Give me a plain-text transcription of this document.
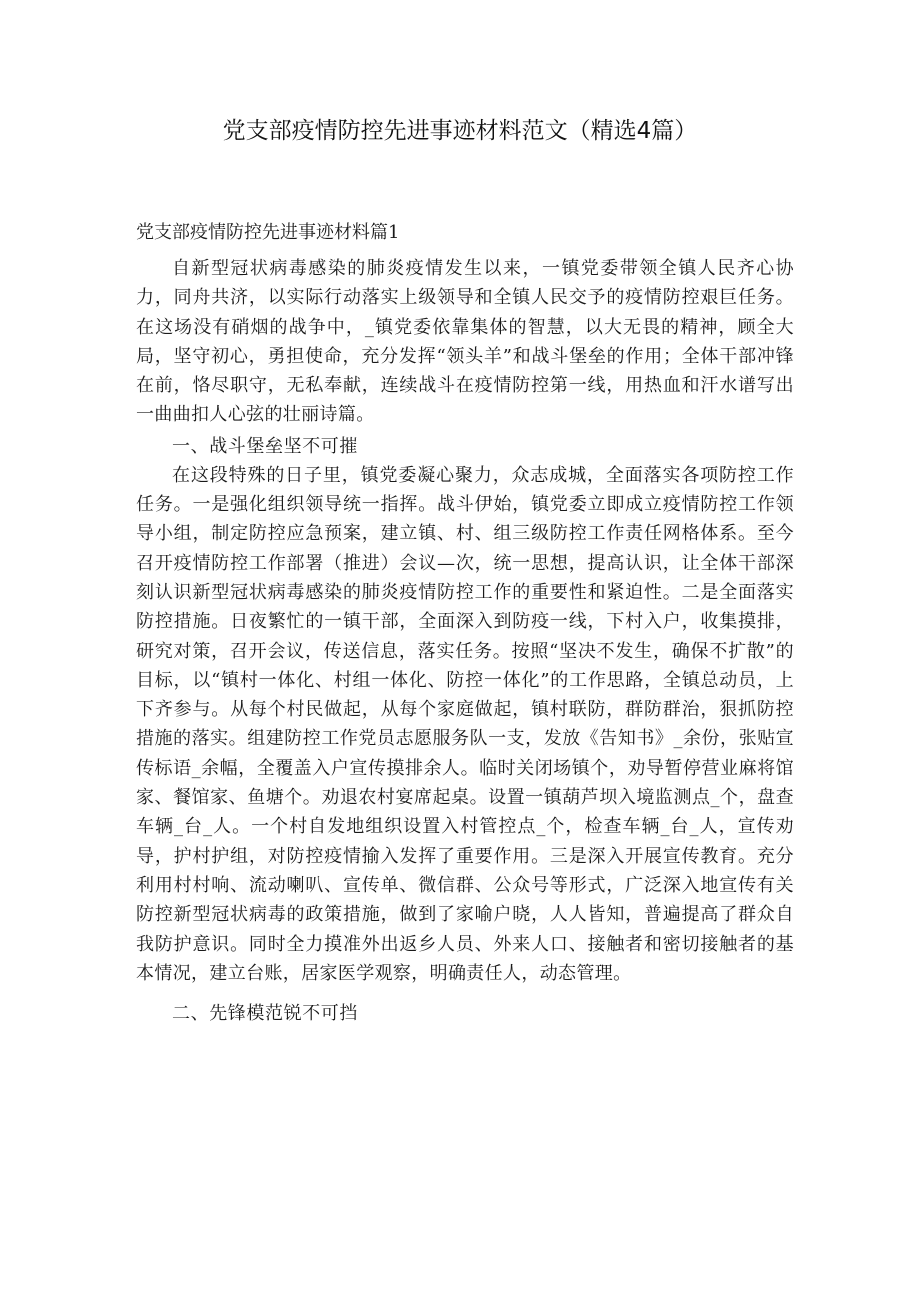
党支部疫情防控先进事迹材料范文（精选4篇）

党支部疫情防控先进事迹材料篇1

自新型冠状病毒感染的肺炎疫情发生以来，一镇党委带领全镇人民齐心协力，同舟共济，以实际行动落实上级领导和全镇人民交予的疫情防控艰巨任务。在这场没有硝烟的战争中，_镇党委依靠集体的智慧，以大无畏的精神，顾全大局，坚守初心，勇担使命，充分发挥“领头羊”和战斗堡垒的作用；全体干部冲锋在前，恪尽职守，无私奉献，连续战斗在疫情防控第一线，用热血和汗水谱写出一曲曲扣人心弦的壮丽诗篇。

一、战斗堡垒坚不可摧

在这段特殊的日子里，镇党委凝心聚力，众志成城，全面落实各项防控工作任务。一是强化组织领导统一指挥。战斗伊始，镇党委立即成立疫情防控工作领导小组，制定防控应急预案，建立镇、村、组三级防控工作责任网格体系。至今召开疫情防控工作部署（推进）会议—次，统一思想，提高认识，让全体干部深刻认识新型冠状病毒感染的肺炎疫情防控工作的重要性和紧迫性。二是全面落实防控措施。日夜繁忙的一镇干部，全面深入到防疫一线，下村入户，收集摸排，研究对策，召开会议，传送信息，落实任务。按照“坚决不发生，确保不扩散”的目标，以“镇村一体化、村组一体化、防控一体化”的工作思路，全镇总动员，上下齐参与。从每个村民做起，从每个家庭做起，镇村联防，群防群治，狠抓防控措施的落实。组建防控工作党员志愿服务队一支，发放《告知书》_余份，张贴宣传标语_余幅，全覆盖入户宣传摸排余人。临时关闭场镇个，劝导暂停营业麻将馆家、餐馆家、鱼塘个。劝退农村宴席起桌。设置一镇葫芦坝入境监测点_个，盘查车辆_台_人。一个村自发地组织设置入村管控点_个，检查车辆_台_人，宣传劝导，护村护组，对防控疫情揄入发挥了重要作用。三是深入开展宣传教育。充分利用村村响、流动喇叭、宣传单、微信群、公众号等形式，广泛深入地宣传有关防控新型冠状病毒的政策措施，做到了家喻户晓，人人皆知，普遍提高了群众自我防护意识。同时全力摸准外出返乡人员、外来人口、接触者和密切接触者的基本情况，建立台账，居家医学观察，明确责任人，动态管理。

二、先锋模范锐不可挡
